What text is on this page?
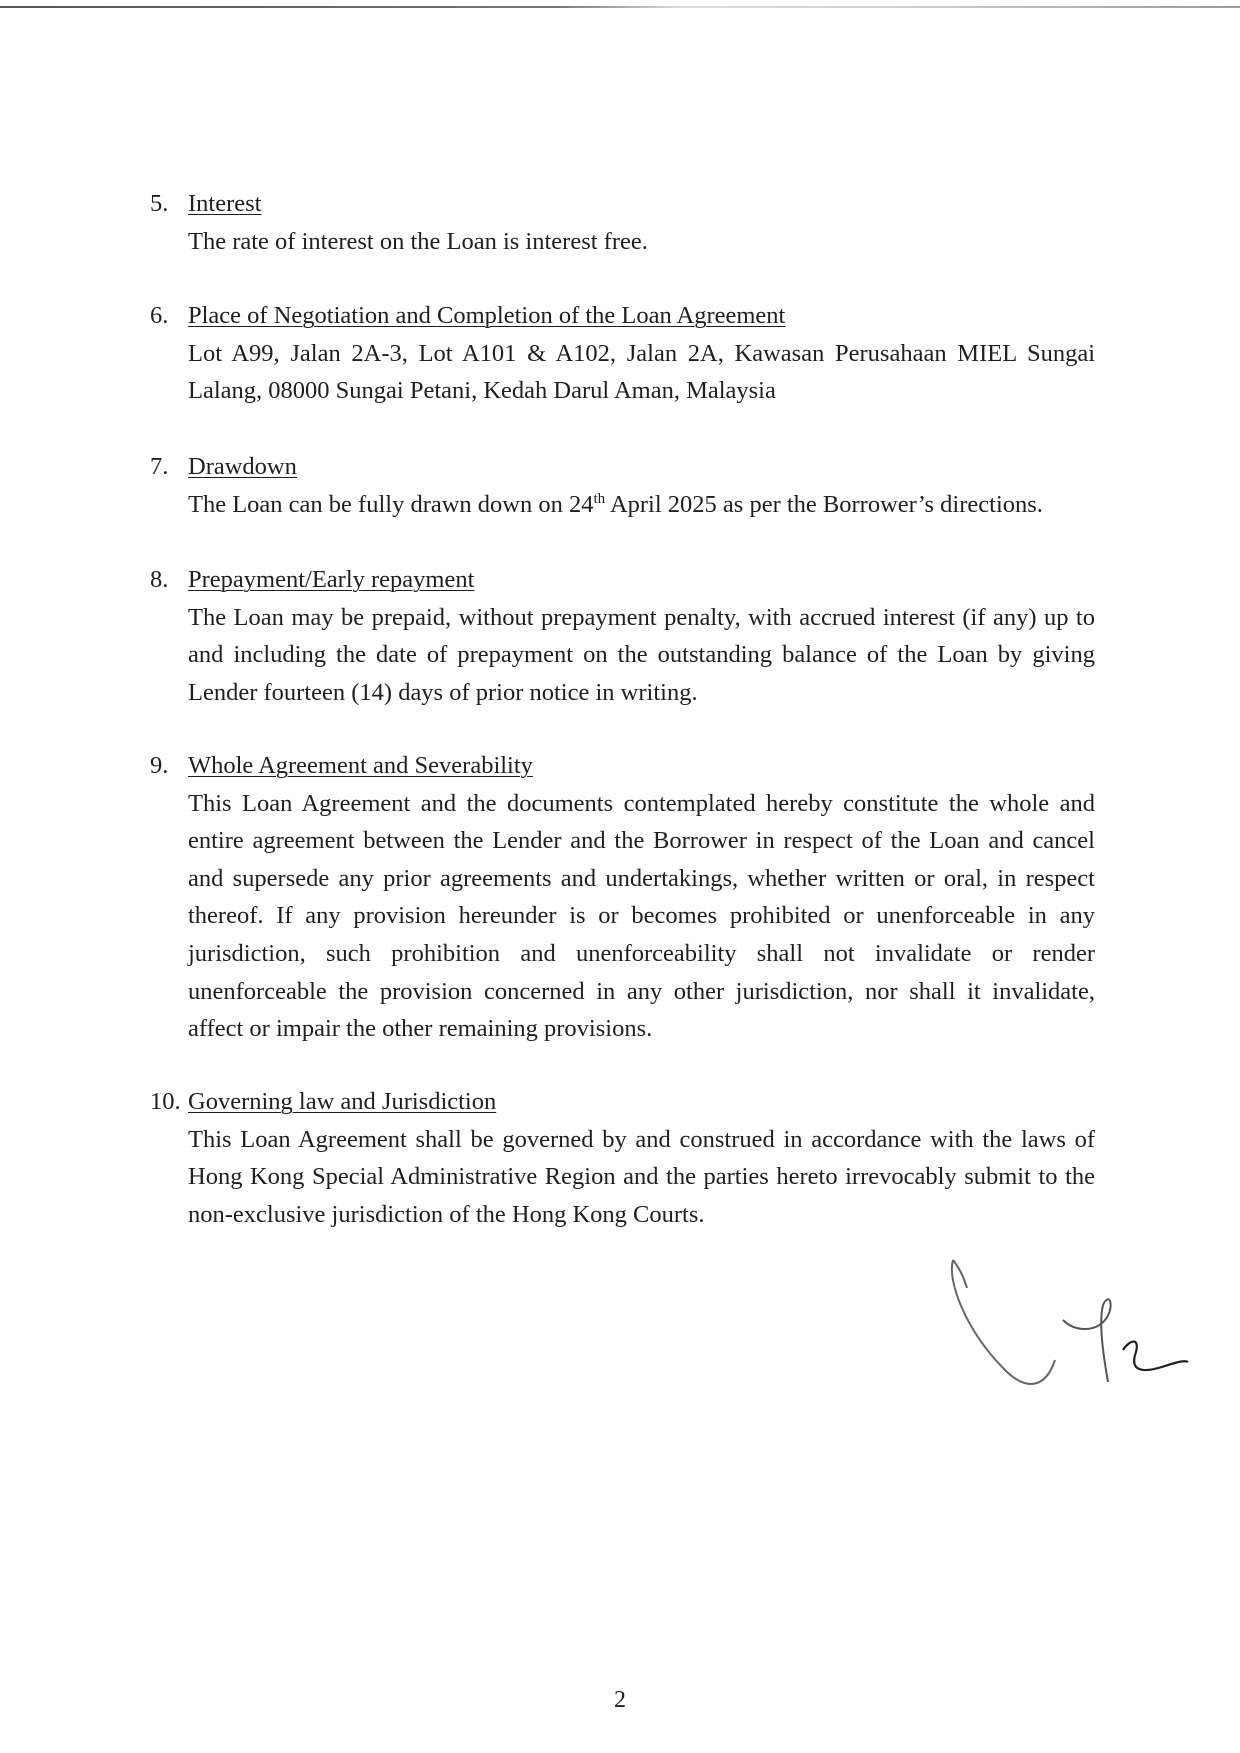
5. Interest
The rate of interest on the Loan is interest free.
6. Place of Negotiation and Completion of the Loan Agreement
Lot A99, Jalan 2A-3, Lot A101 & A102, Jalan 2A, Kawasan Perusahaan MIEL Sungai
Lalang, 08000 Sungai Petani, Kedah Darul Aman, Malaysia
7. Drawdown
The Loan can be fully drawn down on 24th April 2025 as per the Borrower’s directions.
8. Prepayment/Early repayment
The Loan may be prepaid, without prepayment penalty, with accrued interest (if any) up to
and including the date of prepayment on the outstanding balance of the Loan by giving
Lender fourteen (14) days of prior notice in writing.
9. Whole Agreement and Severability
This Loan Agreement and the documents contemplated hereby constitute the whole and
entire agreement between the Lender and the Borrower in respect of the Loan and cancel
and supersede any prior agreements and undertakings, whether written or oral, in respect
thereof. If any provision hereunder is or becomes prohibited or unenforceable in any
jurisdiction, such prohibition and unenforceability shall not invalidate or render
unenforceable the provision concerned in any other jurisdiction, nor shall it invalidate,
affect or impair the other remaining provisions.
10. Governing law and Jurisdiction
This Loan Agreement shall be governed by and construed in accordance with the laws of
Hong Kong Special Administrative Region and the parties hereto irrevocably submit to the
non-exclusive jurisdiction of the Hong Kong Courts.
2
